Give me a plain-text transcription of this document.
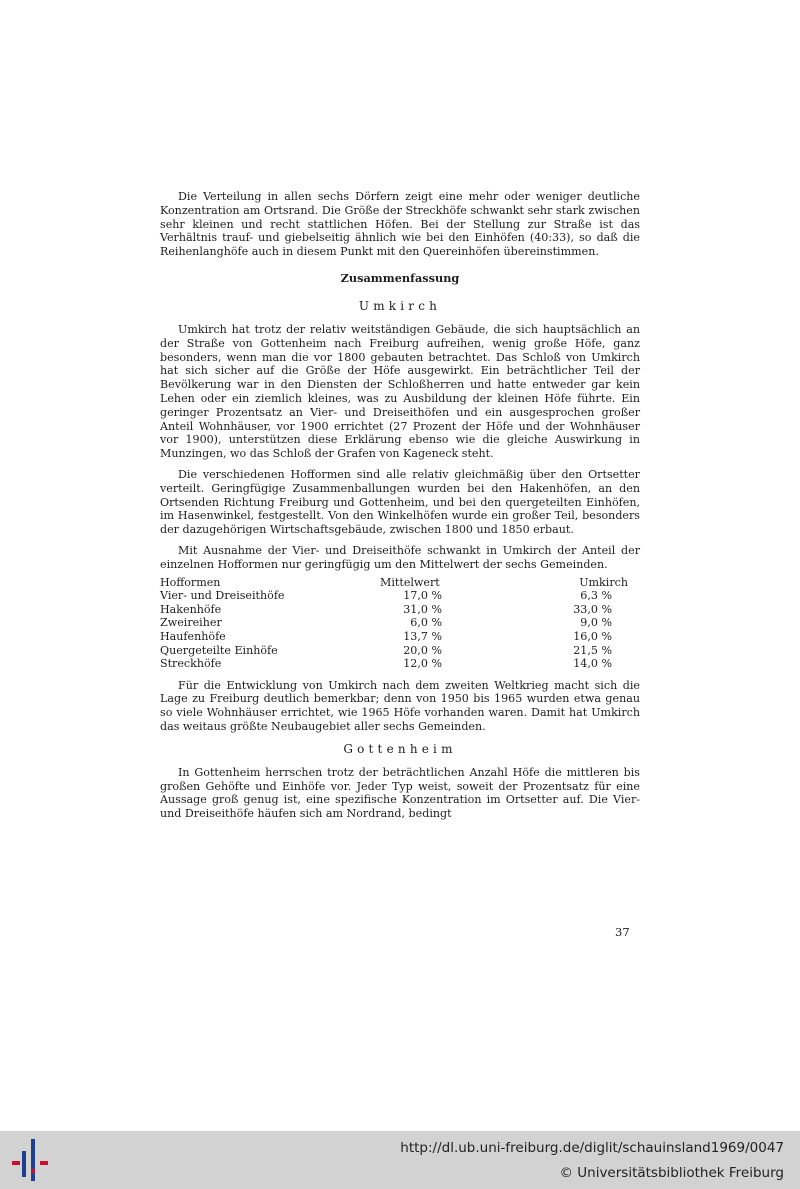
Die Verteilung in allen sechs Dörfern zeigt eine mehr oder weniger deutliche Konzentration am Ortsrand. Die Größe der Streckhöfe schwankt sehr stark zwischen sehr kleinen und recht stattlichen Höfen. Bei der Stellung zur Straße ist das Verhältnis trauf- und giebelseitig ähnlich wie bei den Einhöfen (40:33), so daß die Reihenlanghöfe auch in diesem Punkt mit den Quereinhöfen übereinstimmen.

Zusammenfassung
Umkirch

Umkirch hat trotz der relativ weitständigen Gebäude, die sich hauptsächlich an der Straße von Gottenheim nach Freiburg aufreihen, wenig große Höfe, ganz besonders, wenn man die vor 1800 gebauten betrachtet. Das Schloß von Umkirch hat sich sicher auf die Größe der Höfe ausgewirkt. Ein beträchtlicher Teil der Bevölkerung war in den Diensten der Schloßherren und hatte entweder gar kein Lehen oder ein ziemlich kleines, was zu Ausbildung der kleinen Höfe führte. Ein geringer Prozentsatz an Vier- und Dreiseithöfen und ein ausgesprochen großer Anteil Wohnhäuser, vor 1900 errichtet (27 Prozent der Höfe und der Wohnhäuser vor 1900), unterstützen diese Erklärung ebenso wie die gleiche Auswirkung in Munzingen, wo das Schloß der Grafen von Kageneck steht.

Die verschiedenen Hofformen sind alle relativ gleichmäßig über den Ortsetter verteilt. Geringfügige Zusammenballungen wurden bei den Hakenhöfen, an den Ortsenden Richtung Freiburg und Gottenheim, und bei den quergeteilten Einhöfen, im Hasenwinkel, festgestellt. Von den Winkelhöfen wurde ein großer Teil, besonders der dazugehörigen Wirtschaftsgebäude, zwischen 1800 und 1850 erbaut.

Mit Ausnahme der Vier- und Dreiseithöfe schwankt in Umkirch der Anteil der einzelnen Hofformen nur geringfügig um den Mittelwert der sechs Gemeinden.

Hofformen	Mittelwert	Umkirch
Vier- und Dreiseithöfe	17,0 %	6,3 %
Hakenhöfe	31,0 %	33,0 %
Zweireiher	6,0 %	9,0 %
Haufenhöfe	13,7 %	16,0 %
Quergeteilte Einhöfe	20,0 %	21,5 %
Streckhöfe	12,0 %	14,0 %

Für die Entwicklung von Umkirch nach dem zweiten Weltkrieg macht sich die Lage zu Freiburg deutlich bemerkbar; denn von 1950 bis 1965 wurden etwa genau so viele Wohnhäuser errichtet, wie 1965 Höfe vorhanden waren. Damit hat Umkirch das weitaus größte Neubaugebiet aller sechs Gemeinden.

Gottenheim

In Gottenheim herrschen trotz der beträchtlichen Anzahl Höfe die mittleren bis großen Gehöfte und Einhöfe vor. Jeder Typ weist, soweit der Prozentsatz für eine Aussage groß genug ist, eine spezifische Konzentration im Ortsetter auf. Die Vier- und Dreiseithöfe häufen sich am Nordrand, bedingt

37
http://dl.ub.uni-freiburg.de/diglit/schauinsland1969/0047
© Universitätsbibliothek Freiburg
